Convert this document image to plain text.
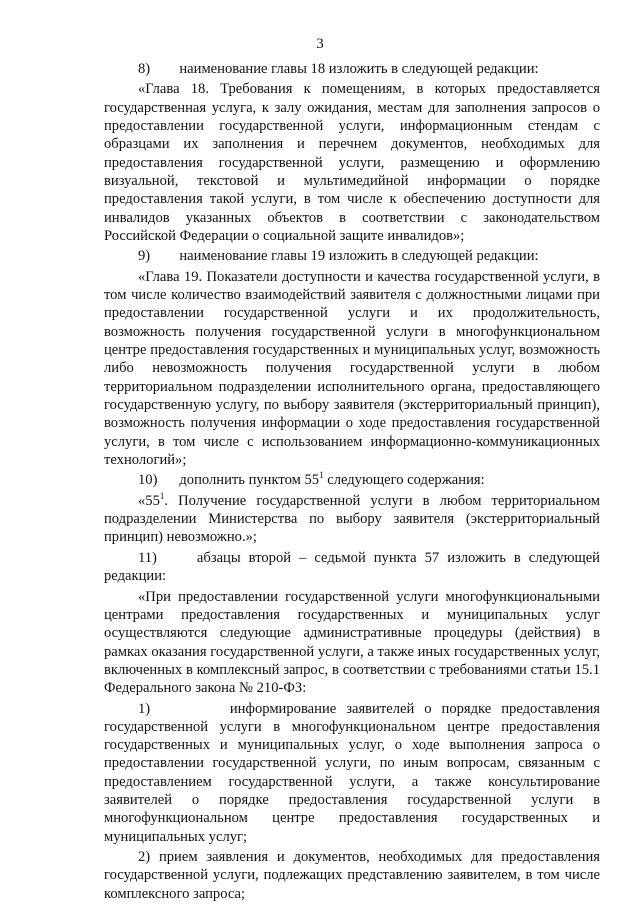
3

8)        наименование главы 18 изложить в следующей редакции:

«Глава 18. Требования к помещениям, в которых предоставляется государственная услуга, к залу ожидания, местам для заполнения запросов о предоставлении государственной услуги, информационным стендам с образцами их заполнения и перечнем документов, необходимых для предоставления государственной услуги, размещению и оформлению визуальной, текстовой и мультимедийной информации о порядке предоставления такой услуги, в том числе к обеспечению доступности для инвалидов указанных объектов в соответствии с законодательством Российской Федерации о социальной защите инвалидов»;

9)        наименование главы 19 изложить в следующей редакции:

«Глава 19. Показатели доступности и качества государственной услуги, в том числе количество взаимодействий заявителя с должностными лицами при предоставлении государственной услуги и их продолжительность, возможность получения государственной услуги в многофункциональном центре предоставления государственных и муниципальных услуг, возможность либо невозможность получения государственной услуги в любом территориальном подразделении исполнительного органа, предоставляющего государственную услугу, по выбору заявителя (экстерриториальный принцип), возможность получения информации о ходе предоставления государственной услуги, в том числе с использованием информационно-коммуникационных технологий»;

10)      дополнить пунктом $55^1$ следующего содержания:

«$55^1$. Получение государственной услуги в любом территориальном подразделении Министерства по выбору заявителя (экстерриториальный принцип) невозможно.»;

11)     абзацы второй – седьмой пункта 57 изложить в следующей редакции:

«При предоставлении государственной услуги многофункциональными центрами предоставления государственных и муниципальных услуг осуществляются следующие административные процедуры (действия) в рамках оказания государственной услуги, а также иных государственных услуг, включенных в комплексный запрос, в соответствии с требованиями статьи 15.1 Федерального закона № 210-ФЗ:

1)        информирование заявителей о порядке предоставления государственной услуги в многофункциональном центре предоставления государственных и муниципальных услуг, о ходе выполнения запроса о предоставлении государственной услуги, по иным вопросам, связанным с предоставлением государственной услуги, а также консультирование заявителей о порядке предоставления государственной услуги в многофункциональном центре предоставления государственных и муниципальных услуг;

2) прием заявления и документов, необходимых для предоставления государственной услуги, подлежащих представлению заявителем, в том числе комплексного запроса;
